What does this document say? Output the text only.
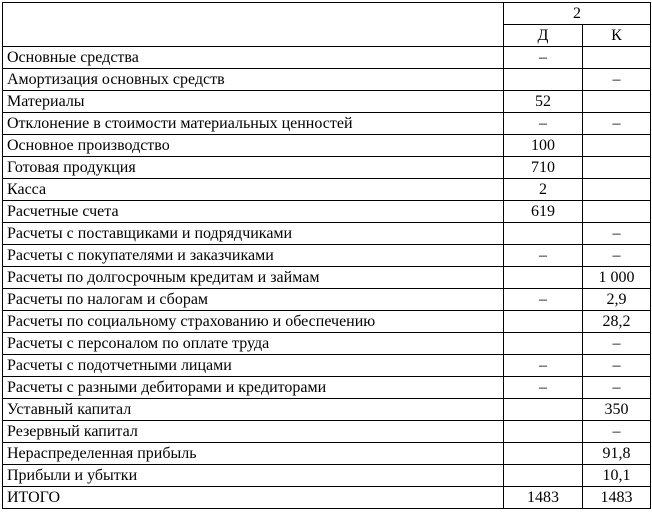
	2	
	Д	К
Основные средства	–	
Амортизация основных средств		–
Материалы	52	
Отклонение в стоимости материальных ценностей	–	–
Основное производство	100	
Готовая продукция	710	
Касса	2	
Расчетные счета	619	
Расчеты с поставщиками и подрядчиками		–
Расчеты с покупателями и заказчиками	–	–
Расчеты по долгосрочным кредитам и займам		1 000
Расчеты по налогам и сборам	–	2,9
Расчеты по социальному страхованию и обеспечению		28,2
Расчеты с персоналом по оплате труда		–
Расчеты с подотчетными лицами	–	–
Расчеты с разными дебиторами и кредиторами	–	–
Уставный капитал		350
Резервный капитал		–
Нераспределенная прибыль		91,8
Прибыли и убытки		10,1
ИТОГО	1483	1483
